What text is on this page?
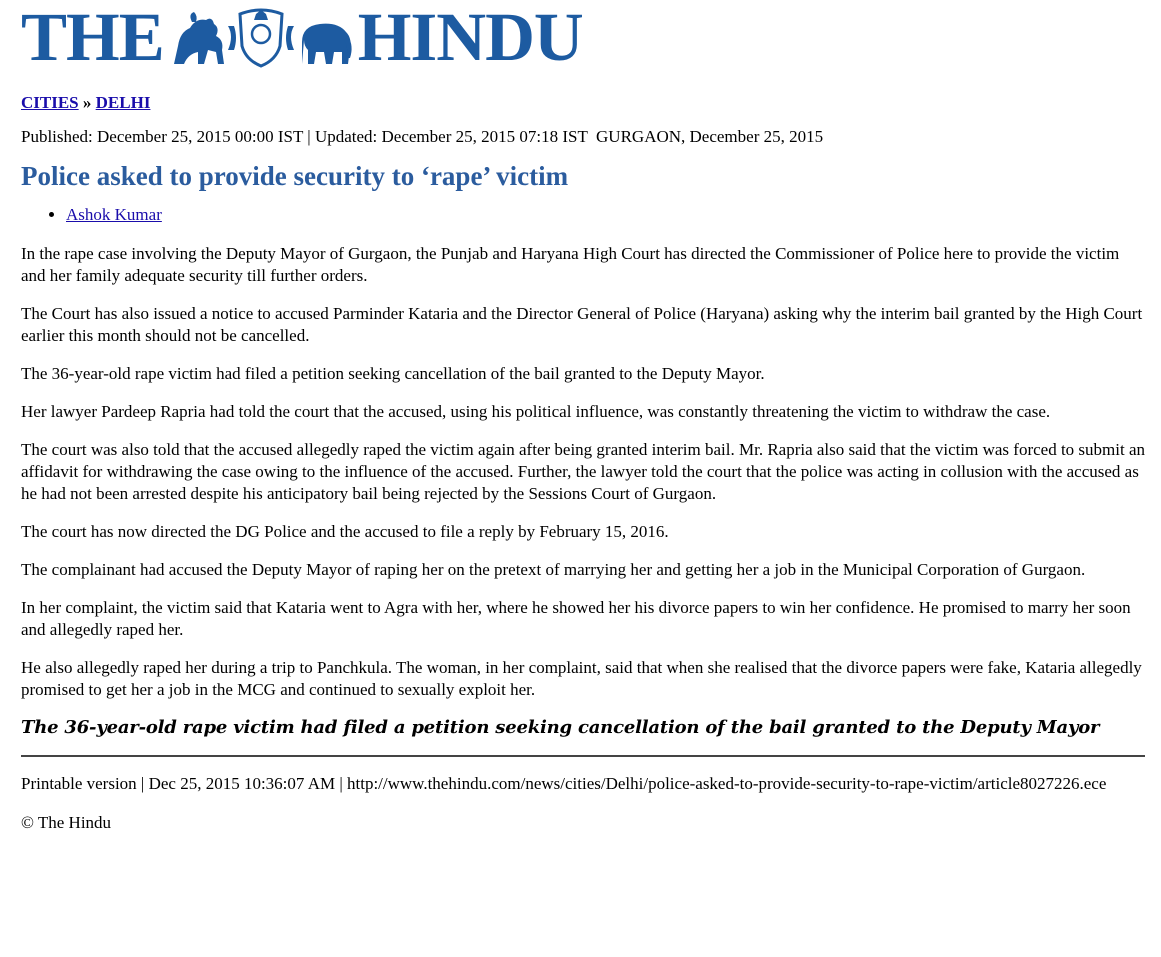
THE	HINDU
CITIES » DELHI
Published: December 25, 2015 00:00 IST | Updated: December 25, 2015 07:18 IST  GURGAON, December 25, 2015
Police asked to provide security to ‘rape’ victim
• Ashok Kumar

In the rape case involving the Deputy Mayor of Gurgaon, the Punjab and Haryana High Court has directed the Commissioner of Police here to provide the victim and her family adequate security till further orders.

The Court has also issued a notice to accused Parminder Kataria and the Director General of Police (Haryana) asking why the interim bail granted by the High Court earlier this month should not be cancelled.

The 36-year-old rape victim had filed a petition seeking cancellation of the bail granted to the Deputy Mayor.

Her lawyer Pardeep Rapria had told the court that the accused, using his political influence, was constantly threatening the victim to withdraw the case.

The court was also told that the accused allegedly raped the victim again after being granted interim bail. Mr. Rapria also said that the victim was forced to submit an affidavit for withdrawing the case owing to the influence of the accused. Further, the lawyer told the court that the police was acting in collusion with the accused as he had not been arrested despite his anticipatory bail being rejected by the Sessions Court of Gurgaon.

The court has now directed the DG Police and the accused to file a reply by February 15, 2016.

The complainant had accused the Deputy Mayor of raping her on the pretext of marrying her and getting her a job in the Municipal Corporation of Gurgaon.

In her complaint, the victim said that Kataria went to Agra with her, where he showed her his divorce papers to win her confidence. He promised to marry her soon and allegedly raped her.

He also allegedly raped her during a trip to Panchkula. The woman, in her complaint, said that when she realised that the divorce papers were fake, Kataria allegedly promised to get her a job in the MCG and continued to sexually exploit her.

The 36-year-old rape victim had filed a petition seeking cancellation of the bail granted to the Deputy Mayor

Printable version | Dec 25, 2015 10:36:07 AM | http://www.thehindu.com/news/cities/Delhi/police-asked-to-provide-security-to-rape-victim/article8027226.ece

© The Hindu
